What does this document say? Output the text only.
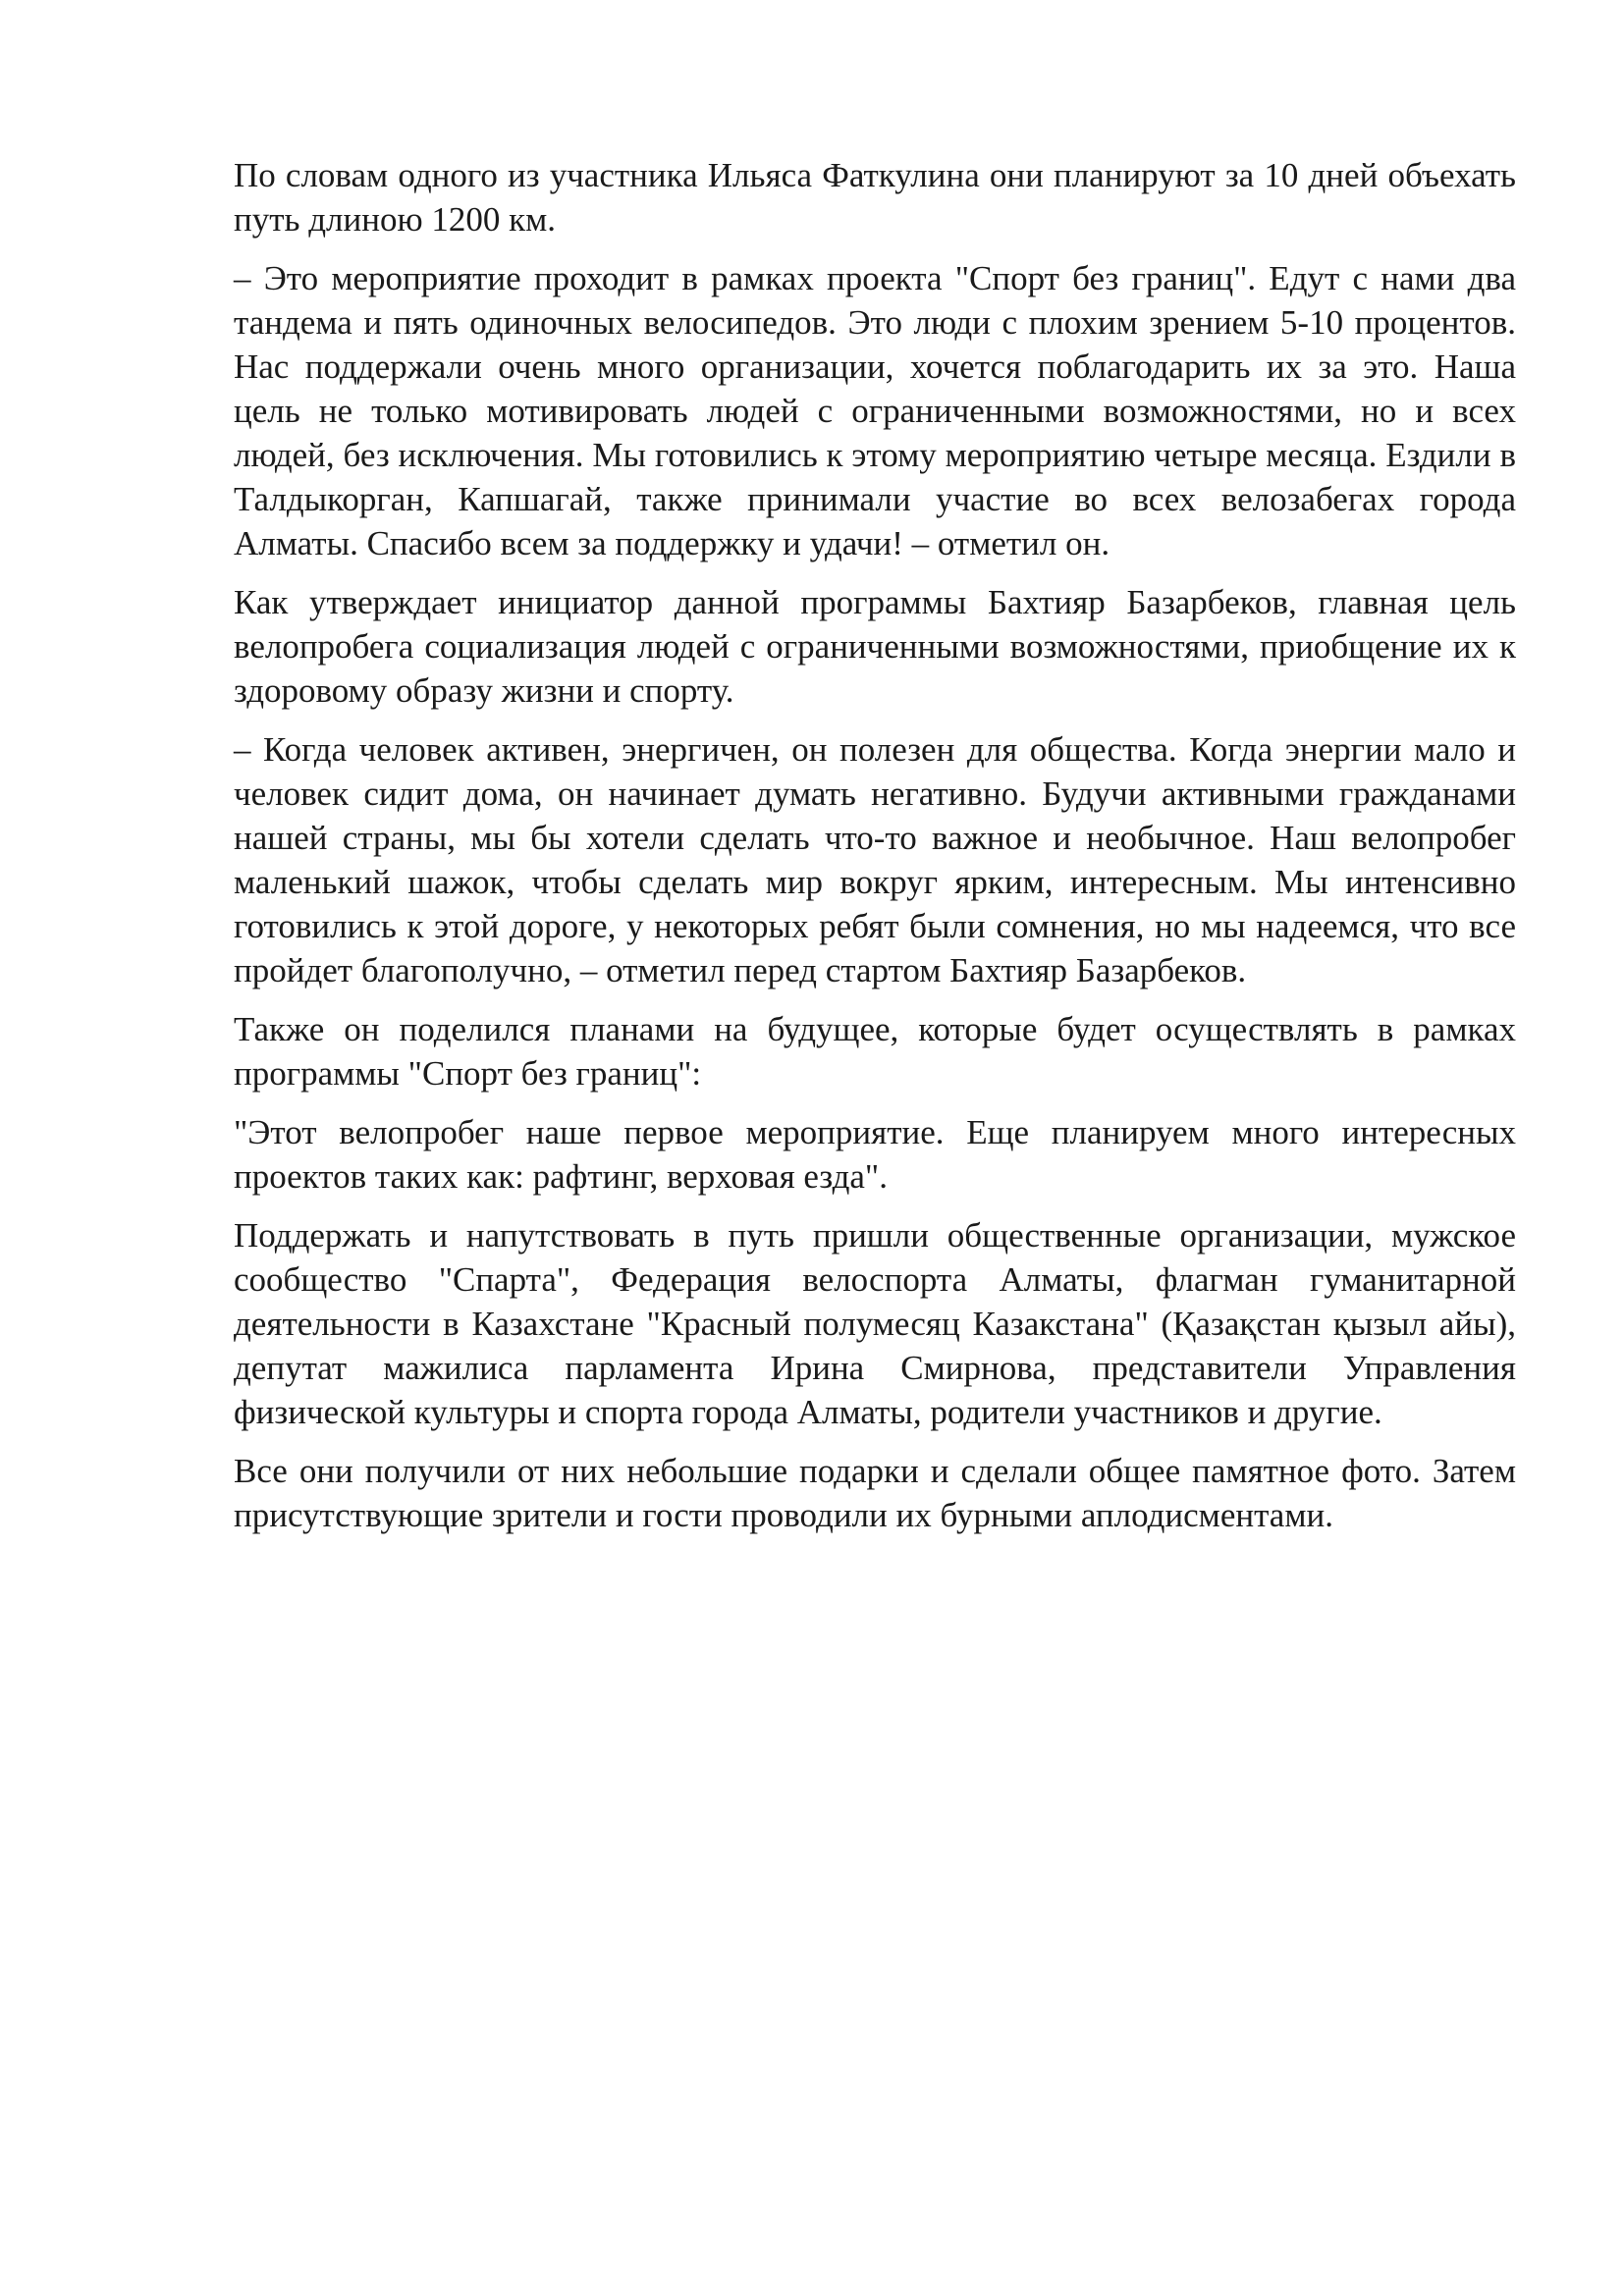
По словам одного из участника Ильяса Фаткулина они планируют за 10 дней объехать путь длиною 1200 км.

– Это мероприятие проходит в рамках проекта "Спорт без границ". Едут с нами два тандема и пять одиночных велосипедов. Это люди с плохим зрением 5-10 процентов. Нас поддержали очень много организации, хочется поблагодарить их за это. Наша цель не только мотивировать людей с ограниченными возможностями, но и всех людей, без исключения. Мы готовились к этому мероприятию четыре месяца. Ездили в Талдыкорган, Капшагай, также принимали участие во всех велозабегах города Алматы. Спасибо всем за поддержку и удачи! – отметил он.

Как утверждает инициатор данной программы Бахтияр Базарбеков, главная цель велопробега социализация людей с ограниченными возможностями, приобщение их к здоровому образу жизни и спорту.

– Когда человек активен, энергичен, он полезен для общества. Когда энергии мало и человек сидит дома, он начинает думать негативно. Будучи активными гражданами нашей страны, мы бы хотели сделать что-то важное и необычное. Наш велопробег маленький шажок, чтобы сделать мир вокруг ярким, интересным. Мы интенсивно готовились к этой дороге, у некоторых ребят были сомнения, но мы надеемся, что все пройдет благополучно, – отметил перед стартом Бахтияр Базарбеков.

Также он поделился планами на будущее, которые будет осуществлять в рамках программы "Спорт без границ":

"Этот велопробег наше первое мероприятие. Еще планируем много интересных проектов таких как: рафтинг, верховая езда".

Поддержать и напутствовать в путь пришли общественные организации, мужское сообщество "Спарта", Федерация велоспорта Алматы, флагман гуманитарной деятельности в Казахстане "Красный полумесяц Казакстана" (Қазақстан қызыл айы), депутат мажилиса парламента Ирина Смирнова, представители Управления физической культуры и спорта города Алматы, родители участников и другие.

Все они получили от них небольшие подарки и сделали общее памятное фото. Затем присутствующие зрители и гости проводили их бурными аплодисментами.
